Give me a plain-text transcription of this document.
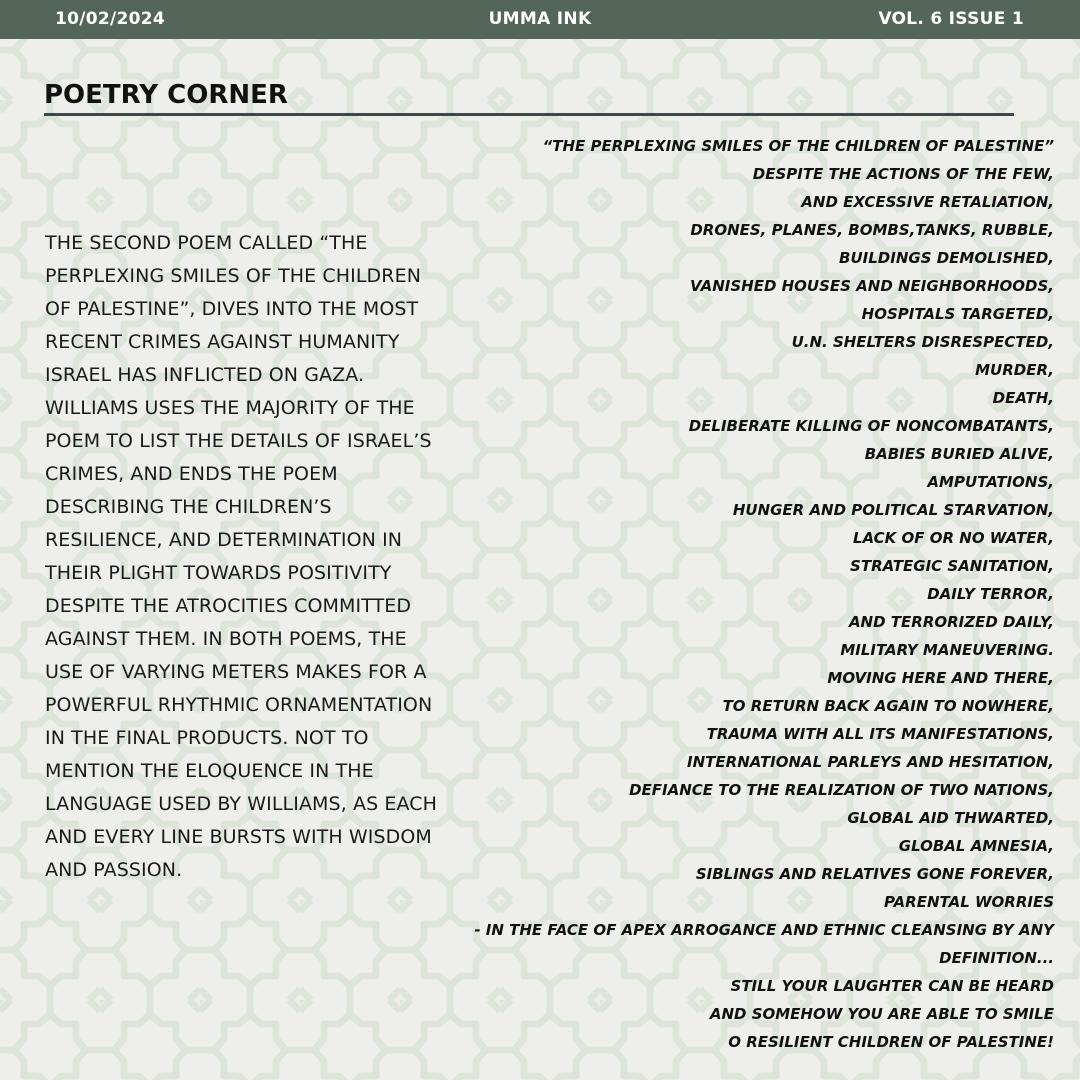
10/02/2024	UMMA INK	VOL. 6 ISSUE 1
POETRY CORNER

THE SECOND POEM CALLED “THE PERPLEXING SMILES OF THE CHILDREN OF PALESTINE”, DIVES INTO THE MOST RECENT CRIMES AGAINST HUMANITY ISRAEL HAS INFLICTED ON GAZA. WILLIAMS USES THE MAJORITY OF THE POEM TO LIST THE DETAILS OF ISRAEL’S CRIMES, AND ENDS THE POEM DESCRIBING THE CHILDREN’S RESILIENCE, AND DETERMINATION IN THEIR PLIGHT TOWARDS POSITIVITY DESPITE THE ATROCITIES COMMITTED AGAINST THEM. IN BOTH POEMS, THE USE OF VARYING METERS MAKES FOR A POWERFUL RHYTHMIC ORNAMENTATION IN THE FINAL PRODUCTS. NOT TO MENTION THE ELOQUENCE IN THE LANGUAGE USED BY WILLIAMS, AS EACH AND EVERY LINE BURSTS WITH WISDOM AND PASSION.

“THE PERPLEXING SMILES OF THE CHILDREN OF PALESTINE”
DESPITE THE ACTIONS OF THE FEW,
AND EXCESSIVE RETALIATION,
DRONES, PLANES, BOMBS,TANKS, RUBBLE,
BUILDINGS DEMOLISHED,
VANISHED HOUSES AND NEIGHBORHOODS,
HOSPITALS TARGETED,
U.N. SHELTERS DISRESPECTED,
MURDER,
DEATH,
DELIBERATE KILLING OF NONCOMBATANTS,
BABIES BURIED ALIVE,
AMPUTATIONS,
HUNGER AND POLITICAL STARVATION,
LACK OF OR NO WATER,
STRATEGIC SANITATION,
DAILY TERROR,
AND TERRORIZED DAILY,
MILITARY MANEUVERING.
MOVING HERE AND THERE,
TO RETURN BACK AGAIN TO NOWHERE,
TRAUMA WITH ALL ITS MANIFESTATIONS,
INTERNATIONAL PARLEYS AND HESITATION,
DEFIANCE TO THE REALIZATION OF TWO NATIONS,
GLOBAL AID THWARTED,
GLOBAL AMNESIA,
SIBLINGS AND RELATIVES GONE FOREVER,
PARENTAL WORRIES
- IN THE FACE OF APEX ARROGANCE AND ETHNIC CLEANSING BY ANY DEFINITION...
STILL YOUR LAUGHTER CAN BE HEARD
AND SOMEHOW YOU ARE ABLE TO SMILE
O RESILIENT CHILDREN OF PALESTINE!
